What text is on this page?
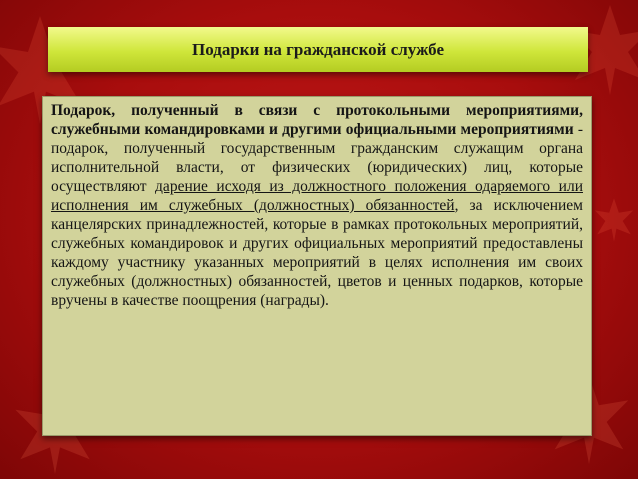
Подарки на гражданской службе

Подарок, полученный в связи с протокольными мероприятиями, служебными командировками и другими официальными мероприятиями - подарок, полученный государственным гражданским служащим органа исполнительной власти, от физических (юридических) лиц, которые осуществляют дарение исходя из должностного положения одаряемого или исполнения им служебных (должностных) обязанностей, за исключением канцелярских принадлежностей, которые в рамках протокольных мероприятий, служебных командировок и других официальных мероприятий предоставлены каждому участнику указанных мероприятий в целях исполнения им своих служебных (должностных) обязанностей, цветов и ценных подарков, которые вручены в качестве поощрения (награды).
